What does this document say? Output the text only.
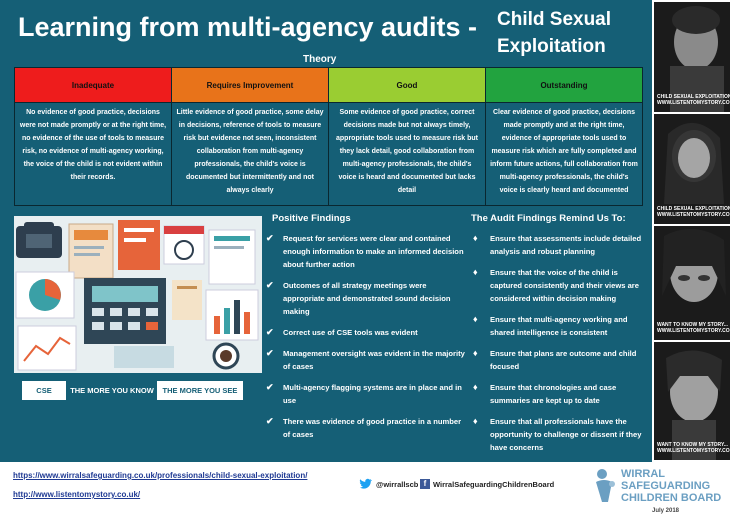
Learning from multi-agency audits - Child Sexual
Exploitation
Theory
Inadequate
No evidence of good practice, decisions were not made promptly or at the right time, no evidence of the use of tools to measure risk, no evidence of multi-agency working, the voice of the child is not evident within their records.
Requires Improvement
Little evidence of good practice, some delay in decisions, reference of tools to measure risk but evidence not seen, inconsistent collaboration from multi-agency professionals, the child's voice is documented but intermittently and not always clearly
Good
Some evidence of good practice, correct decisions made but not always timely, appropriate tools used to measure risk but they lack detail, good collaboration from multi-agency professionals, the child's voice is heard and documented but lacks detail
Outstanding
Clear evidence of good practice, decisions made promptly and at the right time, evidence of appropriate tools used to measure risk which are fully completed and inform future actions, full collaboration from multi-agency professionals, the child's voice is clearly heard and documented
CSE	THE MORE YOU KNOW	THE MORE YOU SEE
Positive Findings
✔ Request for services were clear and contained enough information to make an informed decision about further action
✔ Outcomes of all strategy meetings were appropriate and demonstrated sound decision making
✔ Correct use of CSE tools was evident
✔ Management oversight was evident in the majority of cases
✔ Multi-agency flagging systems are in place and in use
✔ There was evidence of good practice in a number of cases
The Audit Findings Remind Us To:
♦ Ensure that assessments include detailed analysis and robust planning
♦ Ensure that the voice of the child is captured consistently and their views are considered within decision making
♦ Ensure that multi-agency working and shared intelligence is consistent
♦ Ensure that plans are outcome and child focused
♦ Ensure that chronologies and case summaries are kept up to date
♦ Ensure that all professionals have the opportunity to challenge or dissent if they have concerns
CHILD SEXUAL EXPLOITATION
WWW.LISTENTOMYSTORY.CO.UK
CHILD SEXUAL EXPLOITATION
WWW.LISTENTOMYSTORY.CO.UK
WANT TO KNOW MY STORY...
WWW.LISTENTOMYSTORY.CO.UK
WANT TO KNOW MY STORY...
WWW.LISTENTOMYSTORY.CO.UK
https://www.wirralsafeguarding.co.uk/professionals/child-sexual-exploitation/
http://www.listentomystory.co.uk/
@wirrallscb f WirralSafeguardingChildrenBoard
WIRRAL
SAFEGUARDING
CHILDREN BOARD
July 2018
